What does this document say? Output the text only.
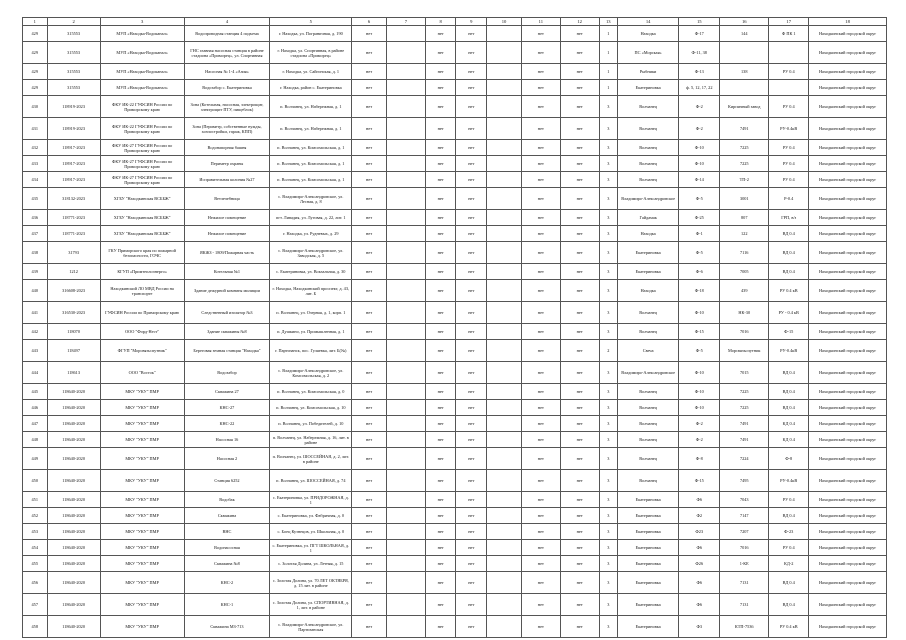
1	2	3	4	5	6	7	8	9	10	11	12	13	14	15	16	17	18
429	315553	МУП «Находка-Водоканал»	Водопроводная станция 4 подъема	г. Находка, ул. Пограничная, д. 190	нет		нет	нет		нет	нет	1	Находка	Ф-17	144	Ф ПК 1	Находкинский городской округ
429	315553	МУП «Находка-Водоканал»	ГНС главная насосная станция в районе стадиона «Приморец», ул. Спортивная	г. Находка, ул. Спортивная, в районе стадиона «Приморец»	нет		нет	нет		нет	нет	1	ПС «Морская»	Ф-11, 38			Находкинский городской округ
429	315553	МУП «Находка-Водоканал»	Насосная № 1-4 «Азия»	г. Находка, ул. Сайгонская, д. 1	нет		нет	нет		нет	нет	1	Рыбники	Ф-13	138	РУ 0.4	Находкинский городской округ
429	315553	МУП «Находка-Водоканал»	Водозабор с. Екатериновка	г. Находка, район с. Екатериновка	нет		нет	нет		нет	нет	1	Екатериновка	ф. 5, 12, 17, 22			Находкинский городской округ
430	118919-2023	ФКУ ИК-22 ГУФСИН России по Приморскому краю	Зона (Котельная, насосная, электрощит, электрощит ПТУ, пищеблок)	п. Волчанец, ул. Набережная, д. 1	нет		нет	нет		нет	нет	3	Волчанец	Ф-2	Кирпичный завод	РУ 0.4	Находкинский городской округ
431	118919-2023	ФКУ ИК-22 ГУФСИН России по Приморскому краю	Зона (Периметр, собственные нужды, хозпостройки, гараж, КПП)	п. Волчанец, ул. Набережная, д. 1	нет		нет	нет		нет	нет	3	Волчанец	Ф-2	7491	РУ-0.4кВ	Находкинский городской округ
432	118917-2023	ФКУ ИК-27 ГУФСИН России по Приморскому краю	Водонапорная башня	п. Волчанец, ул. Комсомольская, д. 1	нет		нет	нет		нет	нет	3	Волчанец	Ф-10	7225	РУ 0.4	Находкинский городской округ
433	118917-2023	ФКУ ИК-27 ГУФСИН России по Приморскому краю	Периметр охраны	п. Волчанец, ул. Комсомольская, д. 1	нет		нет	нет		нет	нет	3	Волчанец	Ф-10	7225	РУ 0.4	Находкинский городской округ
434	118917-2023	ФКУ ИК-27 ГУФСИН России по Приморскому краю	Исправительная колония №27	п. Волчанец, ул. Комсомольская, д. 1	нет		нет	нет		нет	нет	3	Волчанец	Ф-14	ТП-2	РУ 0.4	Находкинский городской округ
435	318132-2023	ХГБУ "Находкинская ВСББЖ"	Ветлечебница	с. Владимиро-Александровское, ул. Лесная, д. 8	нет		нет	нет		нет	нет	3	Владимиро-Александровское	Ф-5	3001	Р-0.4	Находкинский городской округ
436	118771-2023	ХГБУ "Находкинская ВСББЖ"	Нежилое помещение	пгт. Ливадия, ул. Луговая, д. 22, лит. 1	нет		нет	нет		нет	нет	3	Гайдамак	Ф-25	807	ГРП, в/з	Находкинский городской округ
437	118771-2023	ХГБУ "Находкинская ВСББЖ"	Нежилое помещение	г. Находка, ул. Рудневых, д. 29	нет		нет	нет		нет	нет	3	Находка	Ф-1	122	ВД 0.4	Находкинский городской округ
438	31793	ГКУ Приморского края по пожарной безопасности, ГОЧС	ЯКЖЗ - 1809/Пожарная часть	с. Владимиро-Александровское, ул. Заводская, д. 5	нет		нет	нет		нет	нет	3	Екатериновка	Ф-5	7116	ВД 0.4	Находкинский городской округ
439	1212	КГУП «Примтеплоэнерго»	Котельная №1	с. Екатериновка, ул. Вокзальная, д. 30	нет		нет	нет		нет	нет	3	Екатериновка	Ф-6	7005	ВД 0.4	Находкинский городской округ
440	316608-2023	Находкинский ЛО МВД России на транспорте	Здание дежурной комнаты милиции	г. Находка, Находкинский проспект, д. 43, лит. Б	нет		нет	нет		нет	нет	3	Находка	Ф-18	439	РУ 0.4 кВ	Находкинский городской округ
441	316530-2023	ГУФСИН России по Приморскому краю	Следственный изолятор №3	п. Волчанец, ул. Озерная, д. 1, корп. 1	нет		нет	нет		нет	нет	3	Волчанец	Ф-10	НК-30	РУ - 0.4 кВ	Находкинский городской округ
442	118070	ООО "Форд-Нест"	Здание скважины №8	п. Душкино, ул. Промышленная, д. 1	нет		нет	нет		нет	нет	3	Волчанец	Ф-15	7016	Ф-15	Находкинский городской округ
443	118497	ФГУП "Морсвязьспутник"	Береговая земная станция "Находка"	г. Партизанск, пос. Гуляевка, лит. Б(№)	нет		нет	нет		нет	нет	2	Свеча	Ф-5	Морсвязьспутник	РУ-0.4кВ	Находкинский городской округ
444	118613	ООО "Восток"	Водозабор	с. Владимиро-Александровское, ул. Комсомольская, д. 2	нет		нет	нет		нет	нет	3	Владимиро-Александровское	Ф-10	7015	ВД 0.4	Находкинский городской округ
445	118640-2020	МКУ "УКУ" ПМР	Скважина 27	п. Волчанец, ул. Комсомольская, д. 0	нет		нет	нет		нет	нет	3	Волчанец	Ф-10	7225	ВД 0.4	Находкинский городской округ
446	118640-2020	МКУ "УКУ" ПМР	КНС-27	п. Волчанец, ул. Комсомольская, д. 10	нет		нет	нет		нет	нет	3	Волчанец	Ф-10	7225	ВД 0.4	Находкинский городской округ
447	118640-2020	МКУ "УКУ" ПМР	КНС-22	п. Волчанец, ул. Победителей, д. 10	нет		нет	нет		нет	нет	3	Волчанец	Ф-2	7491	КД 0.4	Находкинский городской округ
448	118640-2020	МКУ "УКУ" ПМР	Насосная 16	п. Волчанец, ул. Набережная, д. 16, лит. в районе	нет		нет	нет		нет	нет	3	Волчанец	Ф-2	7491	КД 0.4	Находкинский городской округ
449	118640-2020	МКУ "УКУ" ПМР	Насосная 2	п. Волчанец, ул. ШОССЕЙНАЯ, д. 2, лит. в районе	нет		нет	нет		нет	нет	3	Волчанец	Ф-8	7224	Ф-8	Находкинский городской округ
450	118640-2020	МКУ "УКУ" ПМР	Станция 6252	п. Волчанец, ул. ШОССЕЙНАЯ, д. 74	нет		нет	нет		нет	нет	3	Волчанец	Ф-15	7495	РУ-0.4кВ	Находкинский городской округ
451	118640-2020	МКУ "УКУ" ПМР	Водобак	с. Екатериновка, ул. ПРИДОРОЖНАЯ, д. 1	нет		нет	нет		нет	нет	3	Екатериновка	Ф6	7043	РУ 0.4	Находкинский городской округ
452	118640-2020	МКУ "УКУ" ПМР	Скважина	с. Екатериновка, ул. Фабричная, д. 0	нет		нет	нет		нет	нет	3	Екатериновка	Ф2	7147	ВД 0.4	Находкинский городской округ
453	118640-2020	МКУ "УКУ" ПМР	ВНС	с. Боец Кузнецов, ул. Школьная, д. 0	нет		нет	нет		нет	нет	3	Екатериновка	Ф23	7207	Ф-23	Находкинский городской округ
454	118640-2020	МКУ "УКУ" ПМР	Водонасосная	с. Екатериновка, ул. ПГТ ШКОЛЬНАЯ, д. 1	нет		нет	нет		нет	нет	3	Екатериновка	Ф6	7016	РУ 0.4	Находкинский городской округ
455	118640-2020	МКУ "УКУ" ПМР	Скважина №8	с. Золотая Долина, ул. Летняя, д. 15	нет		нет	нет		нет	нет	3	Екатериновка	Ф26	1-КЕ	КД-2	Находкинский городской округ
456	118640-2020	МКУ "УКУ" ПМР	КНС-2	с. Золотая Долина, ул. 70 ЛЕТ ОКТЯБРЯ, д. 15 лит. в районе	нет		нет	нет		нет	нет	3	Екатериновка	Ф6	7131	ВД 0.4	Находкинский городской округ
457	118640-2020	МКУ "УКУ" ПМР	КНС-1	с. Золотая Долина, ул. СПОРТИВНАЯ, д. 1, лит. в районе	нет		нет	нет		нет	нет	3	Екатериновка	Ф6	7131	ВД 0.4	Находкинский городской округ
458	118640-2020	МКУ "УКУ" ПМР	Скважина МЗ-713	с. Владимиро-Александровское, ул. Партизанская	нет		нет	нет		нет	нет	3	Екатериновка	Ф3	КТП-7536	РУ 0.4 кВ	Находкинский городской округ
